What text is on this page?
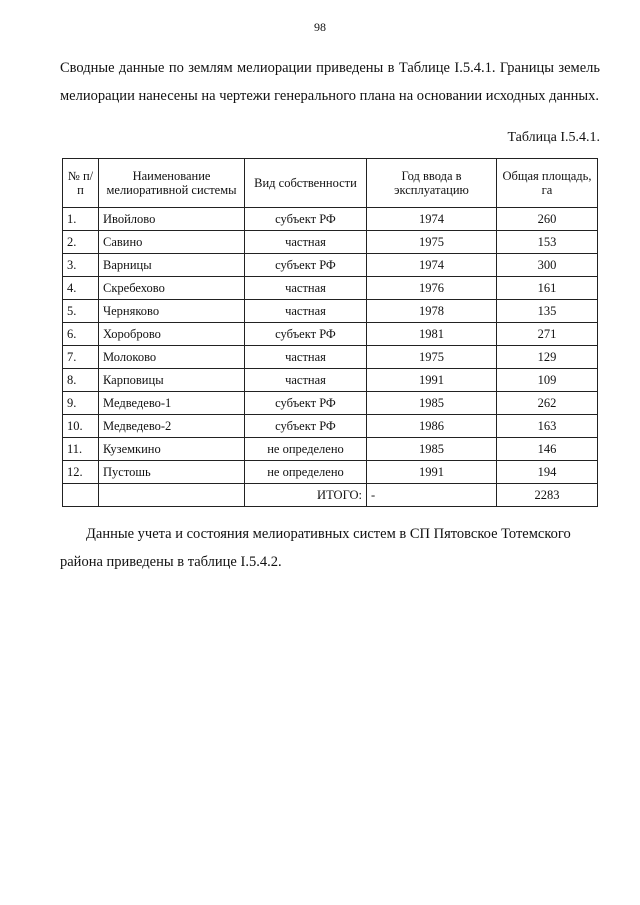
98
Сводные данные по землям мелиорации приведены в Таблице I.5.4.1. Границы земель мелиорации нанесены на чертежи генерального плана на основании исходных данных.
Таблица I.5.4.1.
№ п/п	Наименование мелиоративной системы	Вид собственности	Год ввода в эксплуатацию	Общая площадь, га
1.	Ивойлово	субъект РФ	1974	260
2.	Савино	частная	1975	153
3.	Варницы	субъект РФ	1974	300
4.	Скребехово	частная	1976	161
5.	Черняково	частная	1978	135
6.	Хороброво	субъект РФ	1981	271
7.	Молоково	частная	1975	129
8.	Карповицы	частная	1991	109
9.	Медведево-1	субъект РФ	1985	262
10.	Медведево-2	субъект РФ	1986	163
11.	Куземкино	не определено	1985	146
12.	Пустошь	не определено	1991	194
		ИТОГО:	-	2283
Данные учета и состояния мелиоративных систем в СП Пятовское Тотемского района приведены в таблице I.5.4.2.
